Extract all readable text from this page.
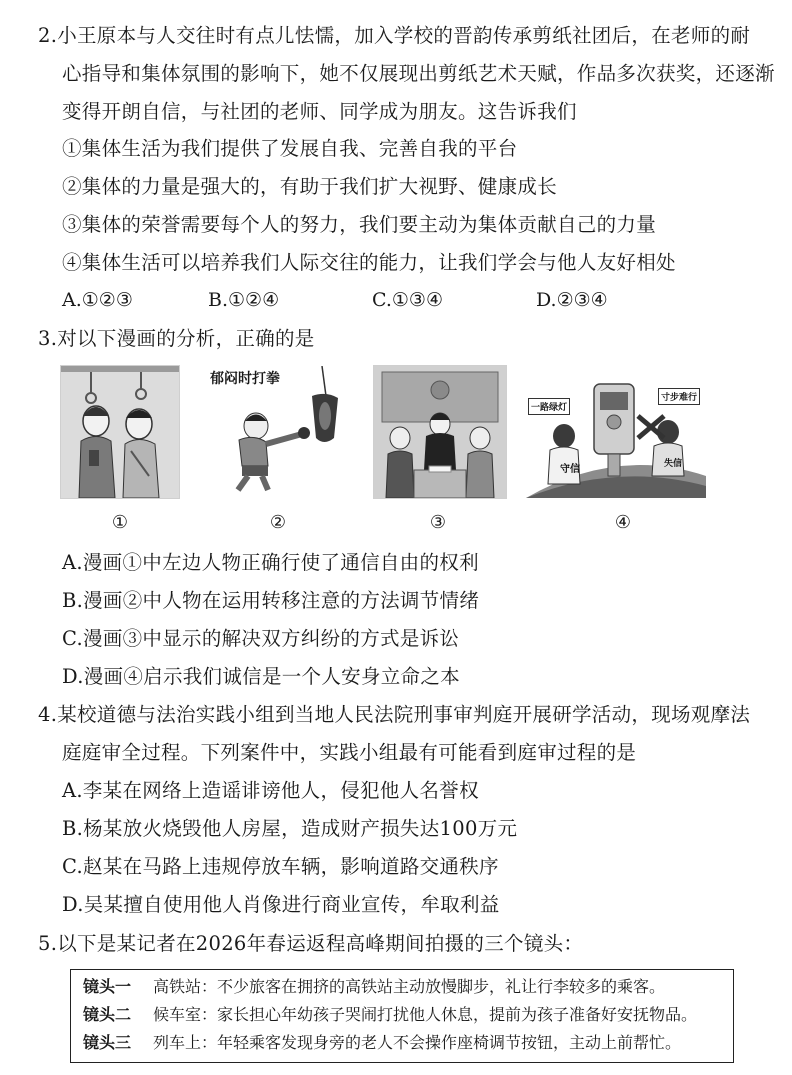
2.小王原本与人交往时有点儿怯懦，加入学校的晋韵传承剪纸社团后，在老师的耐
心指导和集体氛围的影响下，她不仅展现出剪纸艺术天赋，作品多次获奖，还逐渐
变得开朗自信，与社团的老师、同学成为朋友。这告诉我们
①集体生活为我们提供了发展自我、完善自我的平台
②集体的力量是强大的，有助于我们扩大视野、健康成长
③集体的荣誉需要每个人的努力，我们要主动为集体贡献自己的力量
④集体生活可以培养我们人际交往的能力，让我们学会与他人友好相处
A.①②③	B.①②④	C.①③④	D.②③④
3.对以下漫画的分析，正确的是
郁闷时打拳
一路绿灯
寸步难行
守信	失信
①	②	③	④
A.漫画①中左边人物正确行使了通信自由的权利
B.漫画②中人物在运用转移注意的方法调节情绪
C.漫画③中显示的解决双方纠纷的方式是诉讼
D.漫画④启示我们诚信是一个人安身立命之本
4.某校道德与法治实践小组到当地人民法院刑事审判庭开展研学活动，现场观摩法
庭庭审全过程。下列案件中，实践小组最有可能看到庭审过程的是
A.李某在网络上造谣诽谤他人，侵犯他人名誉权
B.杨某放火烧毁他人房屋，造成财产损失达100万元
C.赵某在马路上违规停放车辆，影响道路交通秩序
D.吴某擅自使用他人肖像进行商业宣传，牟取利益
5.以下是某记者在2026年春运返程高峰期间拍摄的三个镜头：
镜头一 高铁站：不少旅客在拥挤的高铁站主动放慢脚步，礼让行李较多的乘客。
镜头二 候车室：家长担心年幼孩子哭闹打扰他人休息，提前为孩子准备好安抚物品。
镜头三 列车上：年轻乘客发现身旁的老人不会操作座椅调节按钮，主动上前帮忙。
